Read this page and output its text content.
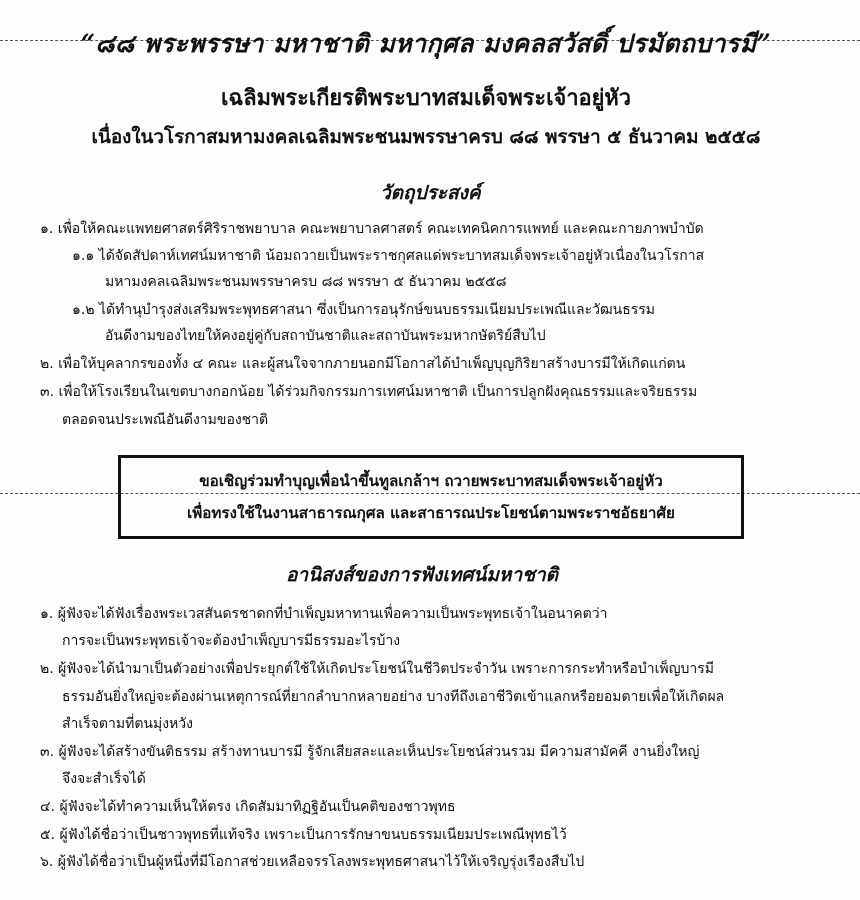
“๘๘ พระพรรษา มหาชาติ มหากุศล มงคลสวัสดิ์ ปรมัตถบารมี”
เฉลิมพระเกียรติพระบาทสมเด็จพระเจ้าอยู่หัว
เนื่องในวโรกาสมหามงคลเฉลิมพระชนมพรรษาครบ ๘๘ พรรษา ๕ ธันวาคม ๒๕๕๘
วัตถุประสงค์
๑. เพื่อให้คณะแพทยศาสตร์ศิริราชพยาบาล คณะพยาบาลศาสตร์ คณะเทคนิคการแพทย์ และคณะกายภาพบำบัด
๑.๑ ได้จัดสัปดาห์เทศน์มหาชาติ น้อมถวายเป็นพระราชกุศลแด่พระบาทสมเด็จพระเจ้าอยู่หัวเนื่องในวโรกาส
มหามงคลเฉลิมพระชนมพรรษาครบ ๘๘ พรรษา ๕ ธันวาคม ๒๕๕๘
๑.๒ ได้ทำนุบำรุงส่งเสริมพระพุทธศาสนา ซึ่งเป็นการอนุรักษ์ขนบธรรมเนียมประเพณีและวัฒนธรรม
อันดีงามของไทยให้คงอยู่คู่กับสถาบันชาติและสถาบันพระมหากษัตริย์สืบไป
๒. เพื่อให้บุคลากรของทั้ง ๔ คณะ และผู้สนใจจากภายนอกมีโอกาสได้บำเพ็ญบุญกิริยาสร้างบารมีให้เกิดแก่ตน
๓. เพื่อให้โรงเรียนในเขตบางกอกน้อย ได้ร่วมกิจกรรมการเทศน์มหาชาติ เป็นการปลูกฝังคุณธรรมและจริยธรรม
ตลอดจนประเพณีอันดีงามของชาติ
ขอเชิญร่วมทำบุญเพื่อนำขึ้นทูลเกล้าฯ ถวายพระบาทสมเด็จพระเจ้าอยู่หัว
เพื่อทรงใช้ในงานสาธารณกุศล และสาธารณประโยชน์ตามพระราชอัธยาศัย
อานิสงส์ของการฟังเทศน์มหาชาติ
๑. ผู้ฟังจะได้ฟังเรื่องพระเวสสันดรชาดกที่บำเพ็ญมหาทานเพื่อความเป็นพระพุทธเจ้าในอนาคตว่า
การจะเป็นพระพุทธเจ้าจะต้องบำเพ็ญบารมีธรรมอะไรบ้าง
๒. ผู้ฟังจะได้นำมาเป็นตัวอย่างเพื่อประยุกต์ใช้ให้เกิดประโยชน์ในชีวิตประจำวัน เพราะการกระทำหรือบำเพ็ญบารมี
ธรรมอันยิ่งใหญ่จะต้องผ่านเหตุการณ์ที่ยากลำบากหลายอย่าง บางทีถึงเอาชีวิตเข้าแลกหรือยอมตายเพื่อให้เกิดผล
สำเร็จตามที่ตนมุ่งหวัง
๓. ผู้ฟังจะได้สร้างขันติธรรม สร้างทานบารมี รู้จักเสียสละและเห็นประโยชน์ส่วนรวม มีความสามัคคี งานยิ่งใหญ่
จึงจะสำเร็จได้
๔. ผู้ฟังจะได้ทำความเห็นให้ตรง เกิดสัมมาทิฏฐิอันเป็นคติของชาวพุทธ
๕. ผู้ฟังได้ชื่อว่าเป็นชาวพุทธที่แท้จริง เพราะเป็นการรักษาขนบธรรมเนียมประเพณีพุทธไว้
๖. ผู้ฟังได้ชื่อว่าเป็นผู้หนึ่งที่มีโอกาสช่วยเหลือจรรโลงพระพุทธศาสนาไว้ให้เจริญรุ่งเรืองสืบไป
